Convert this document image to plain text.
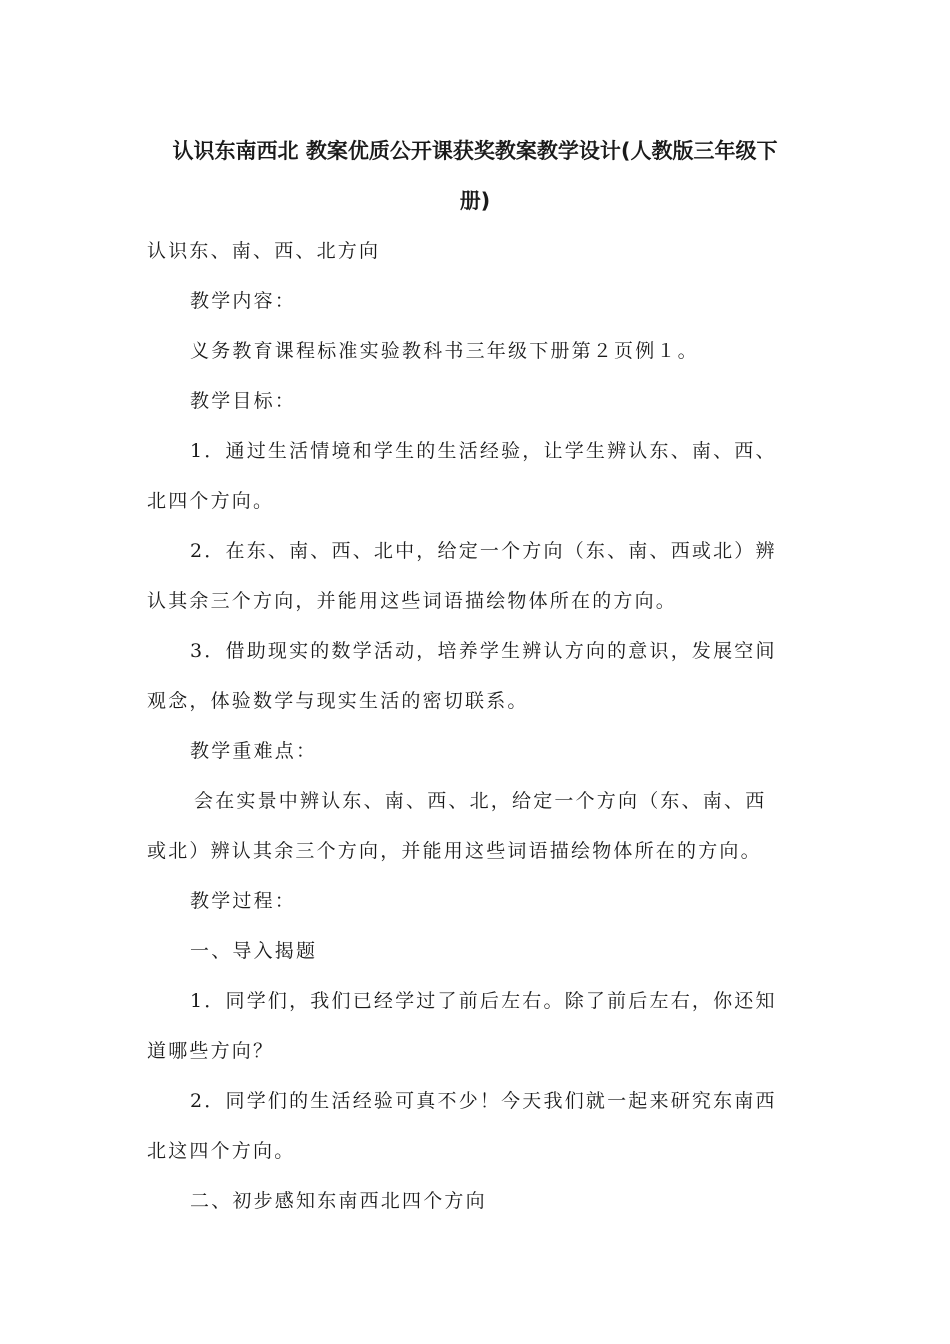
认识东南西北 教案优质公开课获奖教案教学设计(人教版三年级下
册)
认识东、南、西、北方向
教学内容：
义务教育课程标准实验教科书三年级下册第２页例１。
教学目标：
1．通过生活情境和学生的生活经验，让学生辨认东、南、西、
北四个方向。
2．在东、南、西、北中，给定一个方向（东、南、西或北）辨
认其余三个方向，并能用这些词语描绘物体所在的方向。
3．借助现实的数学活动，培养学生辨认方向的意识，发展空间
观念，体验数学与现实生活的密切联系。
教学重难点：
会在实景中辨认东、南、西、北，给定一个方向（东、南、西
或北）辨认其余三个方向，并能用这些词语描绘物体所在的方向。
教学过程：
一、导入揭题
1．同学们，我们已经学过了前后左右。除了前后左右，你还知
道哪些方向？
2．同学们的生活经验可真不少！今天我们就一起来研究东南西
北这四个方向。
二、初步感知东南西北四个方向
